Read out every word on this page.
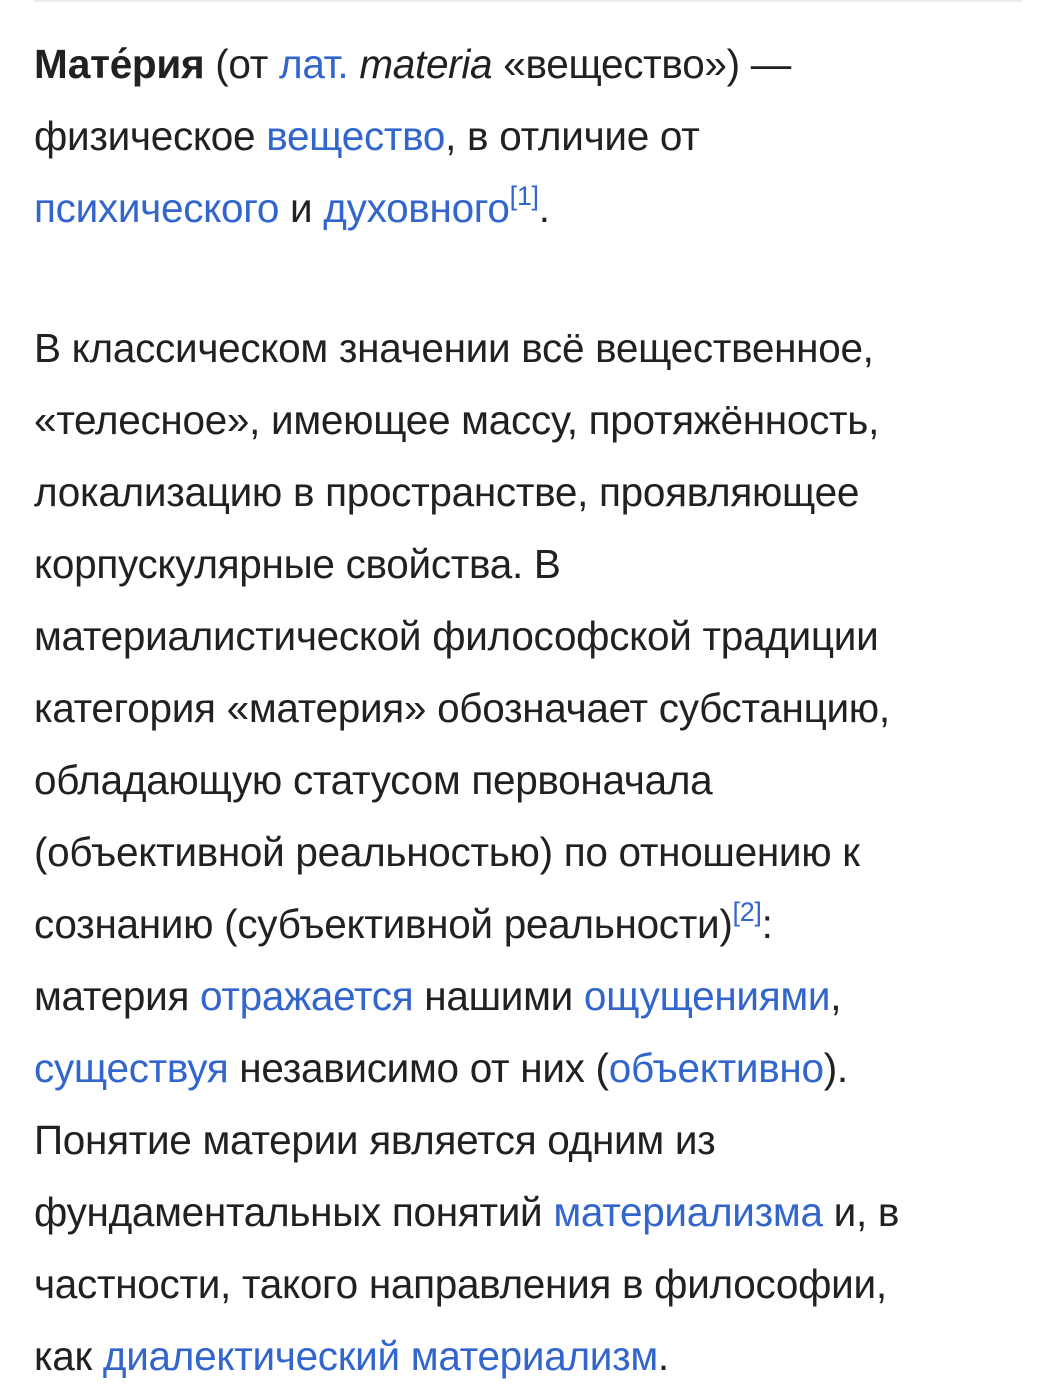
Мате́рия (от лат. materia «вещество») —
физическое вещество, в отличие от
психического и духовного[1].

В классическом значении всё вещественное,
«телесное», имеющее массу, протяжённость,
локализацию в пространстве, проявляющее
корпускулярные свойства. В
материалистической философской традиции
категория «материя» обозначает субстанцию,
обладающую статусом первоначала
(объективной реальностью) по отношению к
сознанию (субъективной реальности)[2]:
материя отражается нашими ощущениями,
существуя независимо от них (объективно).
Понятие материи является одним из
фундаментальных понятий материализма и, в
частности, такого направления в философии,
как диалектический материализм.
